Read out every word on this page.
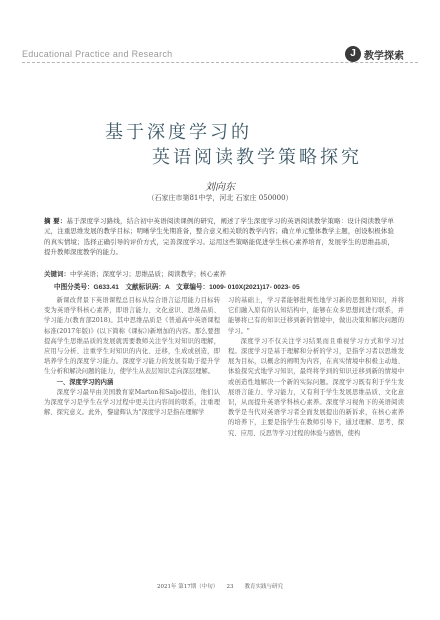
Educational Practice and Research	J 教学探索
基于深度学习的
英语阅读教学策略探究
刘向东
（石家庄市第81中学，河北 石家庄 050000）
摘 要：基于深度学习路线，结合初中英语阅读课例的研究，阐述了学生深度学习的英语阅读教学策略：设计阅读教学单元，注重思维发展的教学目标；明晰学生先期准备，整合意义相关联的教学内容；确立单元整体教学主题，创设积极体验的真实情境；选择正确引导的评价方式，完善深度学习。运用这些策略能促进学生核心素养培育，发展学生的思维品质，提升教师深度教学的能力。
关键词：中学英语；深度学习；思维品质；阅读教学；核心素养
中图分类号：G633.41　文献标识码：A　文章编号：1009- 010X(2021)17- 0023- 05

新课改背景下英语课程总目标从综合语言运用能力目标转变为英语学科核心素养，即语言能力、文化意识、思维品质、学习能力(教育部2018)。其中思维品质是《普通高中英语课程标准(2017年版)》(以下简称《课标》)新增加的内容。那么要想提高学生思维品质的发展就需要教师关注学生对知识的理解，应用与分析、注重学生对知识的内化、迁移，生成或创造，即培养学生的深度学习能力。深度学习能力的发展有助于提升学生分析和解决问题的能力，使学生从表层知识走向深层理解。

一、深度学习的内涵

深度学习最早由美国教育家Marton和Saljo提出，他们认为深度学习是学生在学习过程中更关注内容间的联系，注重理解、探究意义。此外，黎建辉认为"深度学习是指在理解学

习的基础上，学习者能够批判性地学习新的思想和知识，并将它们融入原有的认知结构中，能够在众多思想间进行联系，并能够将已有的知识迁移到新的情境中，做出决策和解决问题的学习。"

深度学习不仅关注学习结果而且重视学习方式和学习过程。深度学习是基于理解和分析的学习，是指学习者以思维发展为目标，以概念的阐明为内容，在真实情境中积极主动地、体验探究式地学习知识，最终将学到的知识迁移到新的情境中或创造性地解决一个新的实际问题。深度学习既有利于学生发展语言能力、学习能力，又有利于学生发展思维品质、文化意识，从而提升英语学科核心素养。深度学习视角下的英语阅读教学是当代对英语学习者全面发展提出的新诉求，在核心素养的培养下，主要是指学生在教师引导下，通过理解、思考、探究、应用、反思等学习过程的体验与感悟，使构

2021年 第17期（中旬）　　23　　教育实践与研究
